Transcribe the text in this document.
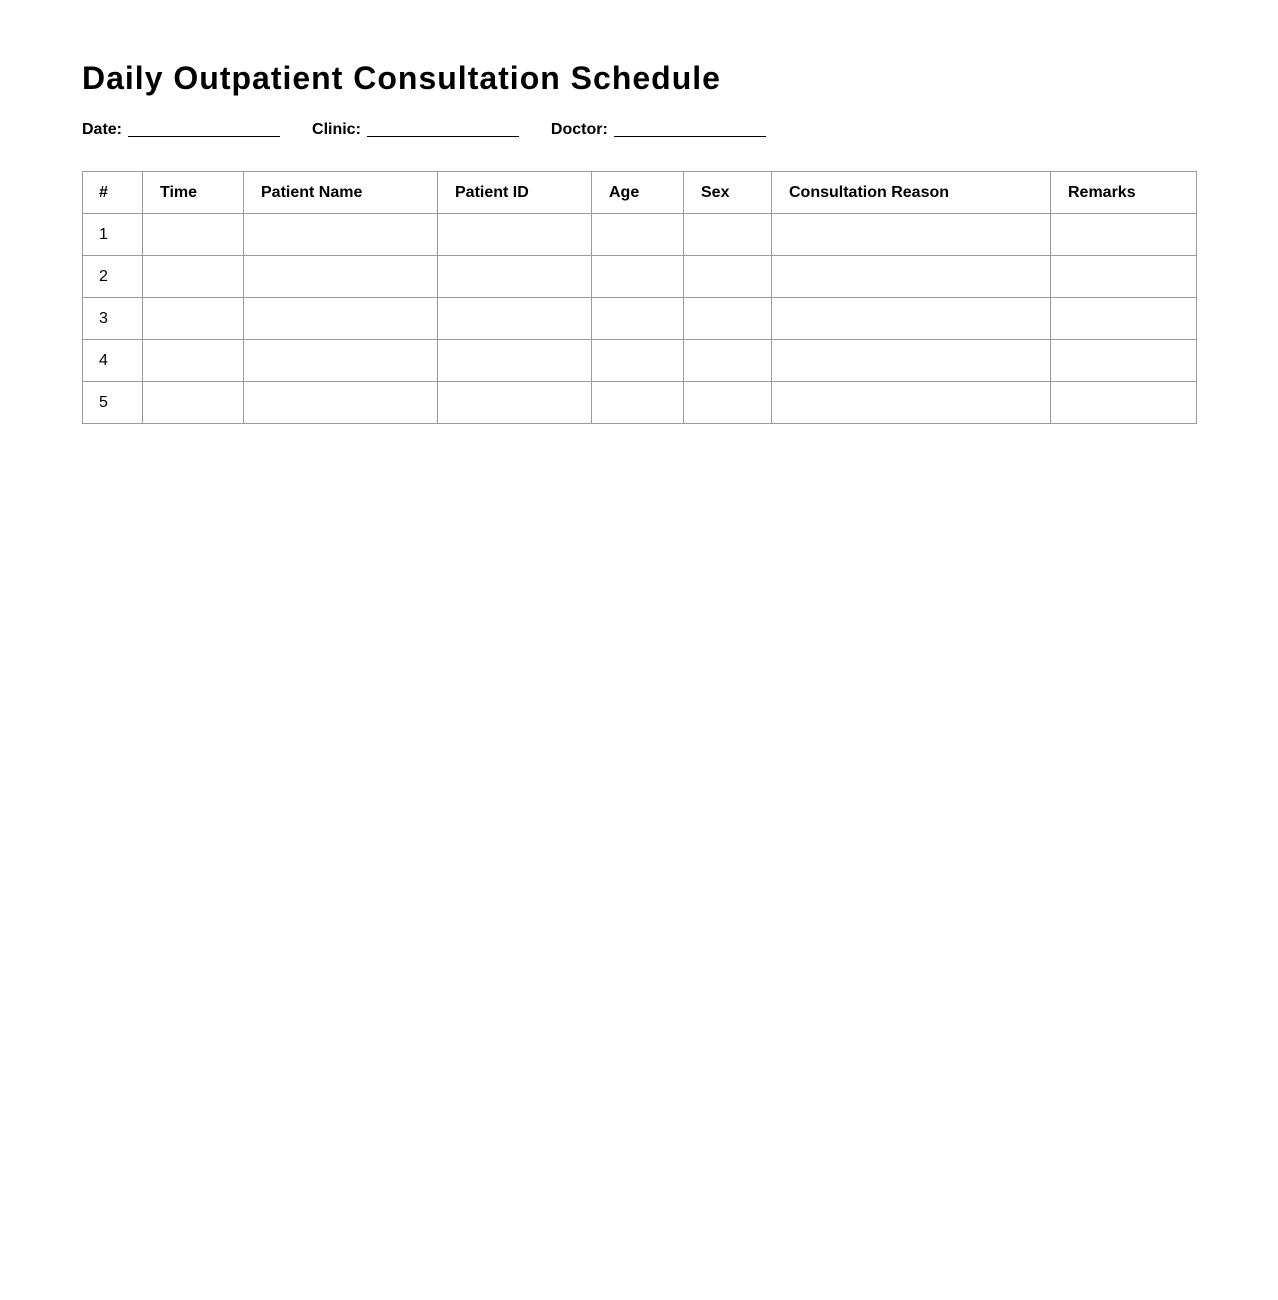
Daily Outpatient Consultation Schedule
Date:	Clinic:	Doctor:
#	Time	Patient Name	Patient ID	Age	Sex	Consultation Reason	Remarks
1							
2							
3							
4							
5							
